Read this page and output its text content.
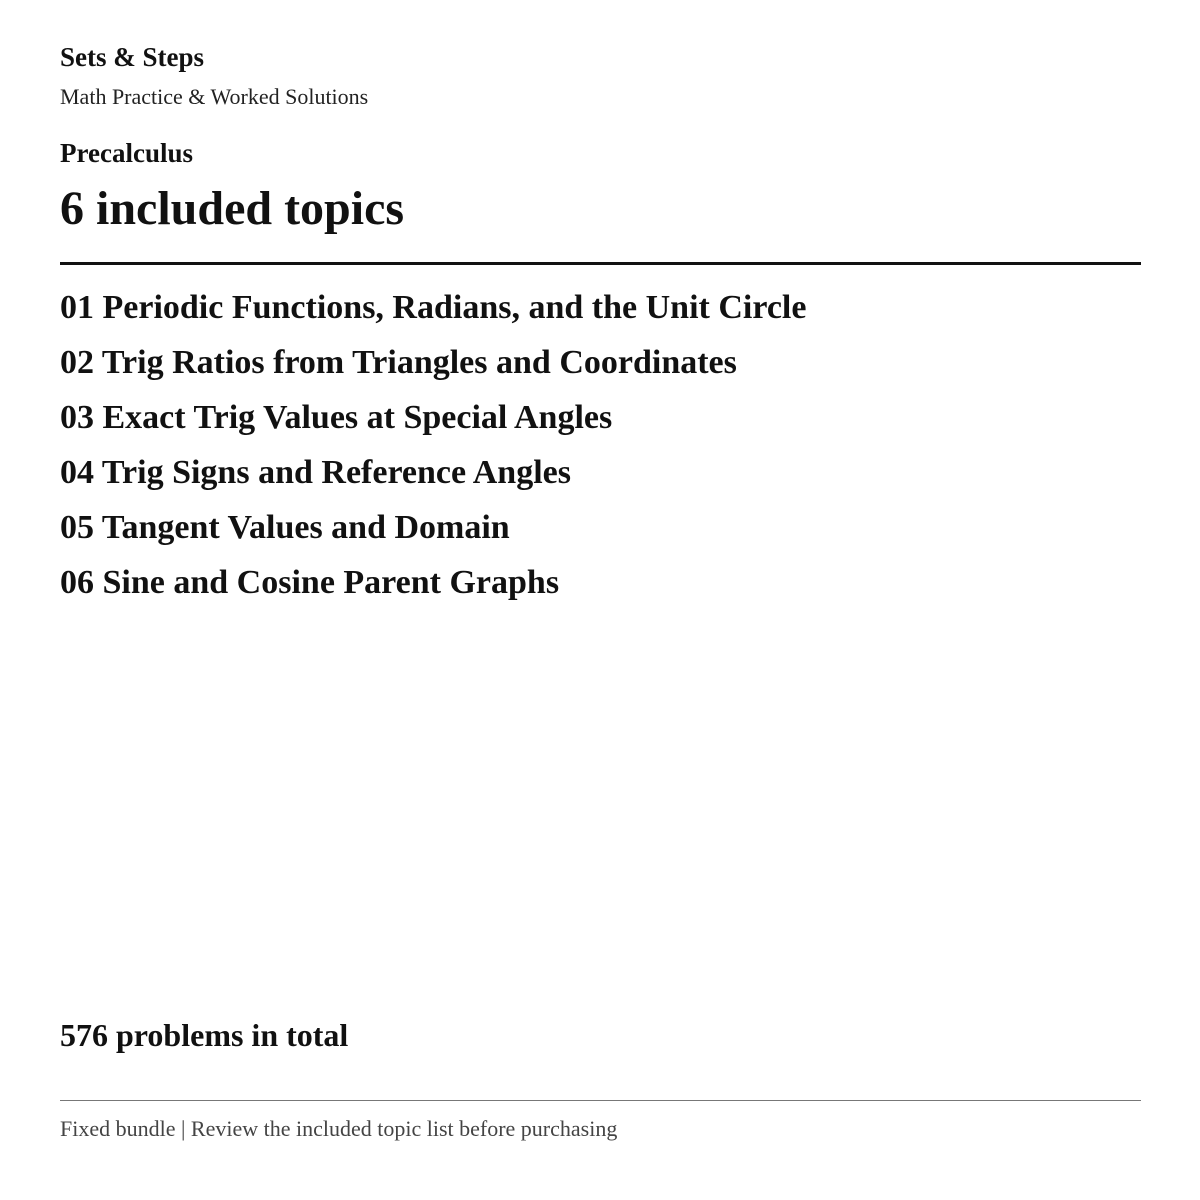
Sets & Steps
Math Practice & Worked Solutions
Precalculus
6 included topics
01 Periodic Functions, Radians, and the Unit Circle
02 Trig Ratios from Triangles and Coordinates
03 Exact Trig Values at Special Angles
04 Trig Signs and Reference Angles
05 Tangent Values and Domain
06 Sine and Cosine Parent Graphs
576 problems in total
Fixed bundle | Review the included topic list before purchasing
